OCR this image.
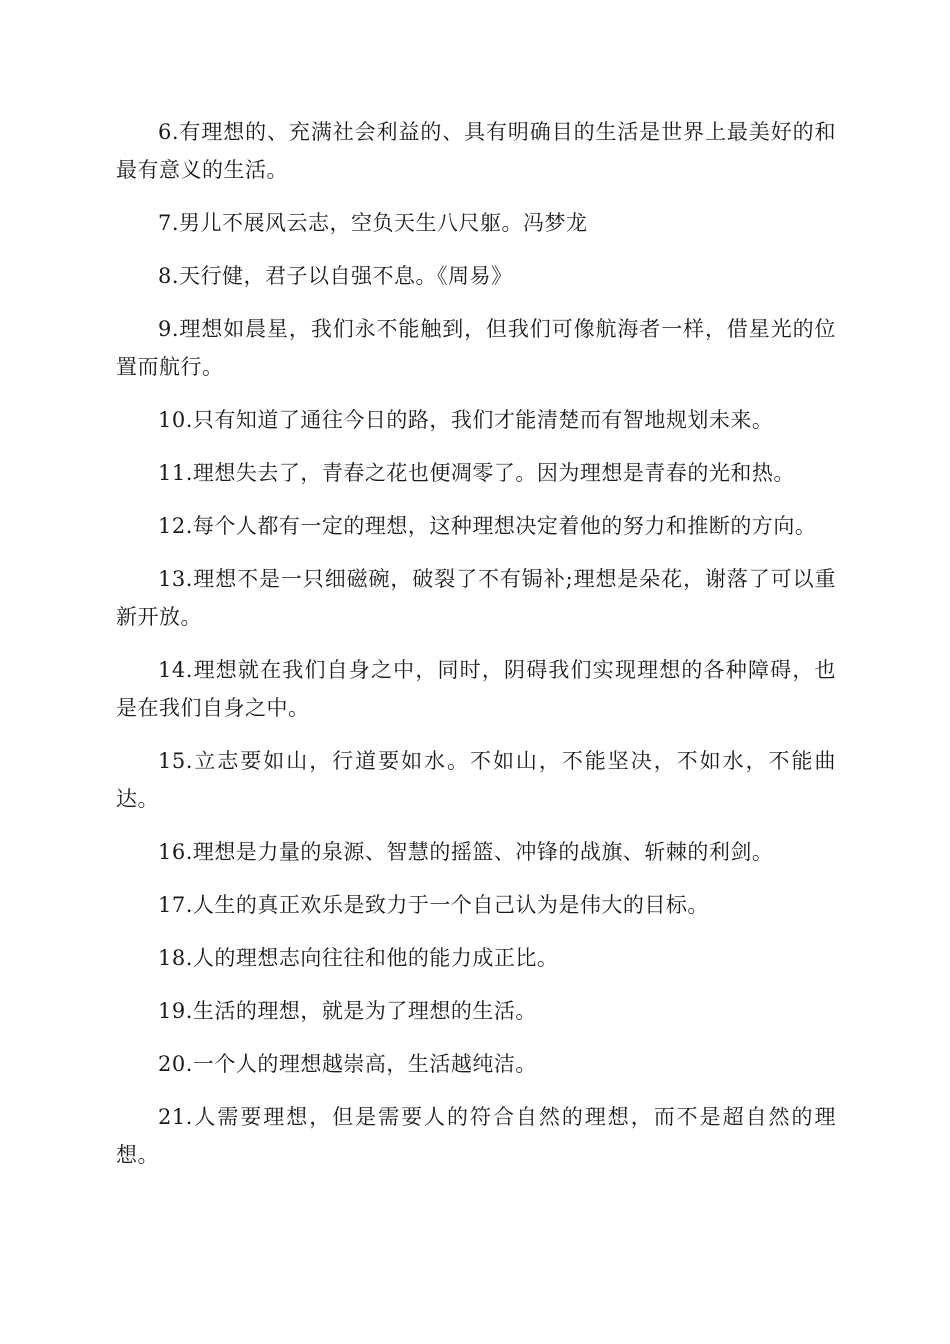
6.有理想的、充满社会利益的、具有明确目的生活是世界上最美好的和最有意义的生活。

7.男儿不展风云志，空负天生八尺躯。冯梦龙

8.天行健，君子以自强不息。《周易》

9.理想如晨星，我们永不能触到，但我们可像航海者一样，借星光的位置而航行。

10.只有知道了通往今日的路，我们才能清楚而有智地规划未来。

11.理想失去了，青春之花也便凋零了。因为理想是青春的光和热。

12.每个人都有一定的理想，这种理想决定着他的努力和推断的方向。

13.理想不是一只细磁碗，破裂了不有锔补;理想是朵花，谢落了可以重新开放。

14.理想就在我们自身之中，同时，阴碍我们实现理想的各种障碍，也是在我们自身之中。

15.立志要如山，行道要如水。不如山，不能坚决，不如水，不能曲达。

16.理想是力量的泉源、智慧的摇篮、冲锋的战旗、斩棘的利剑。

17.人生的真正欢乐是致力于一个自己认为是伟大的目标。

18.人的理想志向往往和他的能力成正比。

19.生活的理想，就是为了理想的生活。

20.一个人的理想越崇高，生活越纯洁。

21.人需要理想，但是需要人的符合自然的理想，而不是超自然的理想。
